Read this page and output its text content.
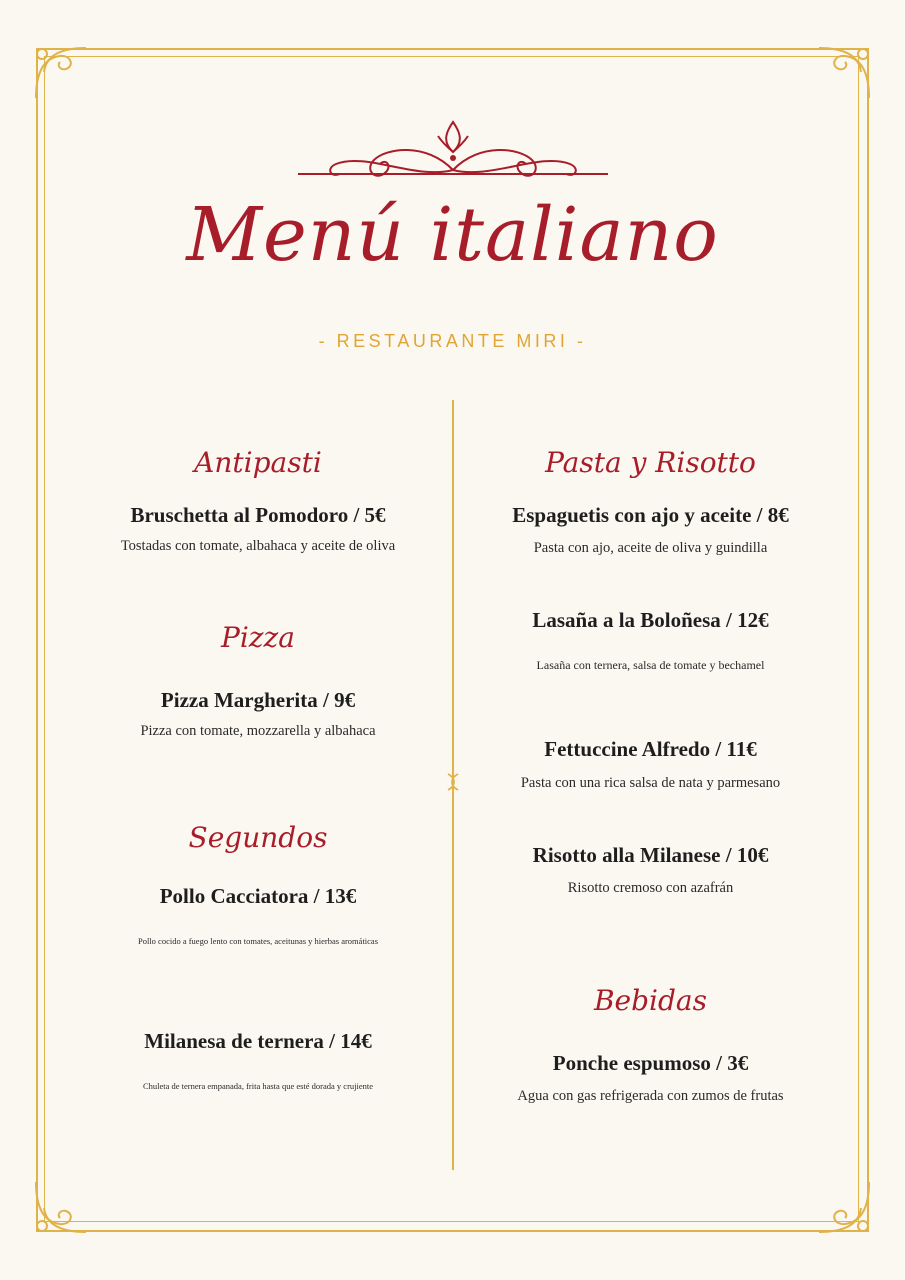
Menú italiano

- RESTAURANTE MIRI -

Antipasti

Bruschetta al Pomodoro / 5€

Tostadas con tomate, albahaca y aceite de oliva

Pizza

Pizza Margherita / 9€

Pizza con tomate, mozzarella y albahaca

Segundos

Pollo Cacciatora / 13€

Pollo cocido a fuego lento con tomates, aceitunas y hierbas aromáticas

Milanesa de ternera / 14€

Chuleta de ternera empanada, frita hasta que esté dorada y crujiente

Pasta y Risotto

Espaguetis con ajo y aceite / 8€

Pasta con ajo, aceite de oliva y guindilla

Lasaña a la Boloñesa / 12€

Lasaña con ternera, salsa de tomate y bechamel

Fettuccine Alfredo / 11€

Pasta con una rica salsa de nata y parmesano

Risotto alla Milanese / 10€

Risotto cremoso con azafrán

Bebidas

Ponche espumoso / 3€

Agua con gas refrigerada con zumos de frutas
